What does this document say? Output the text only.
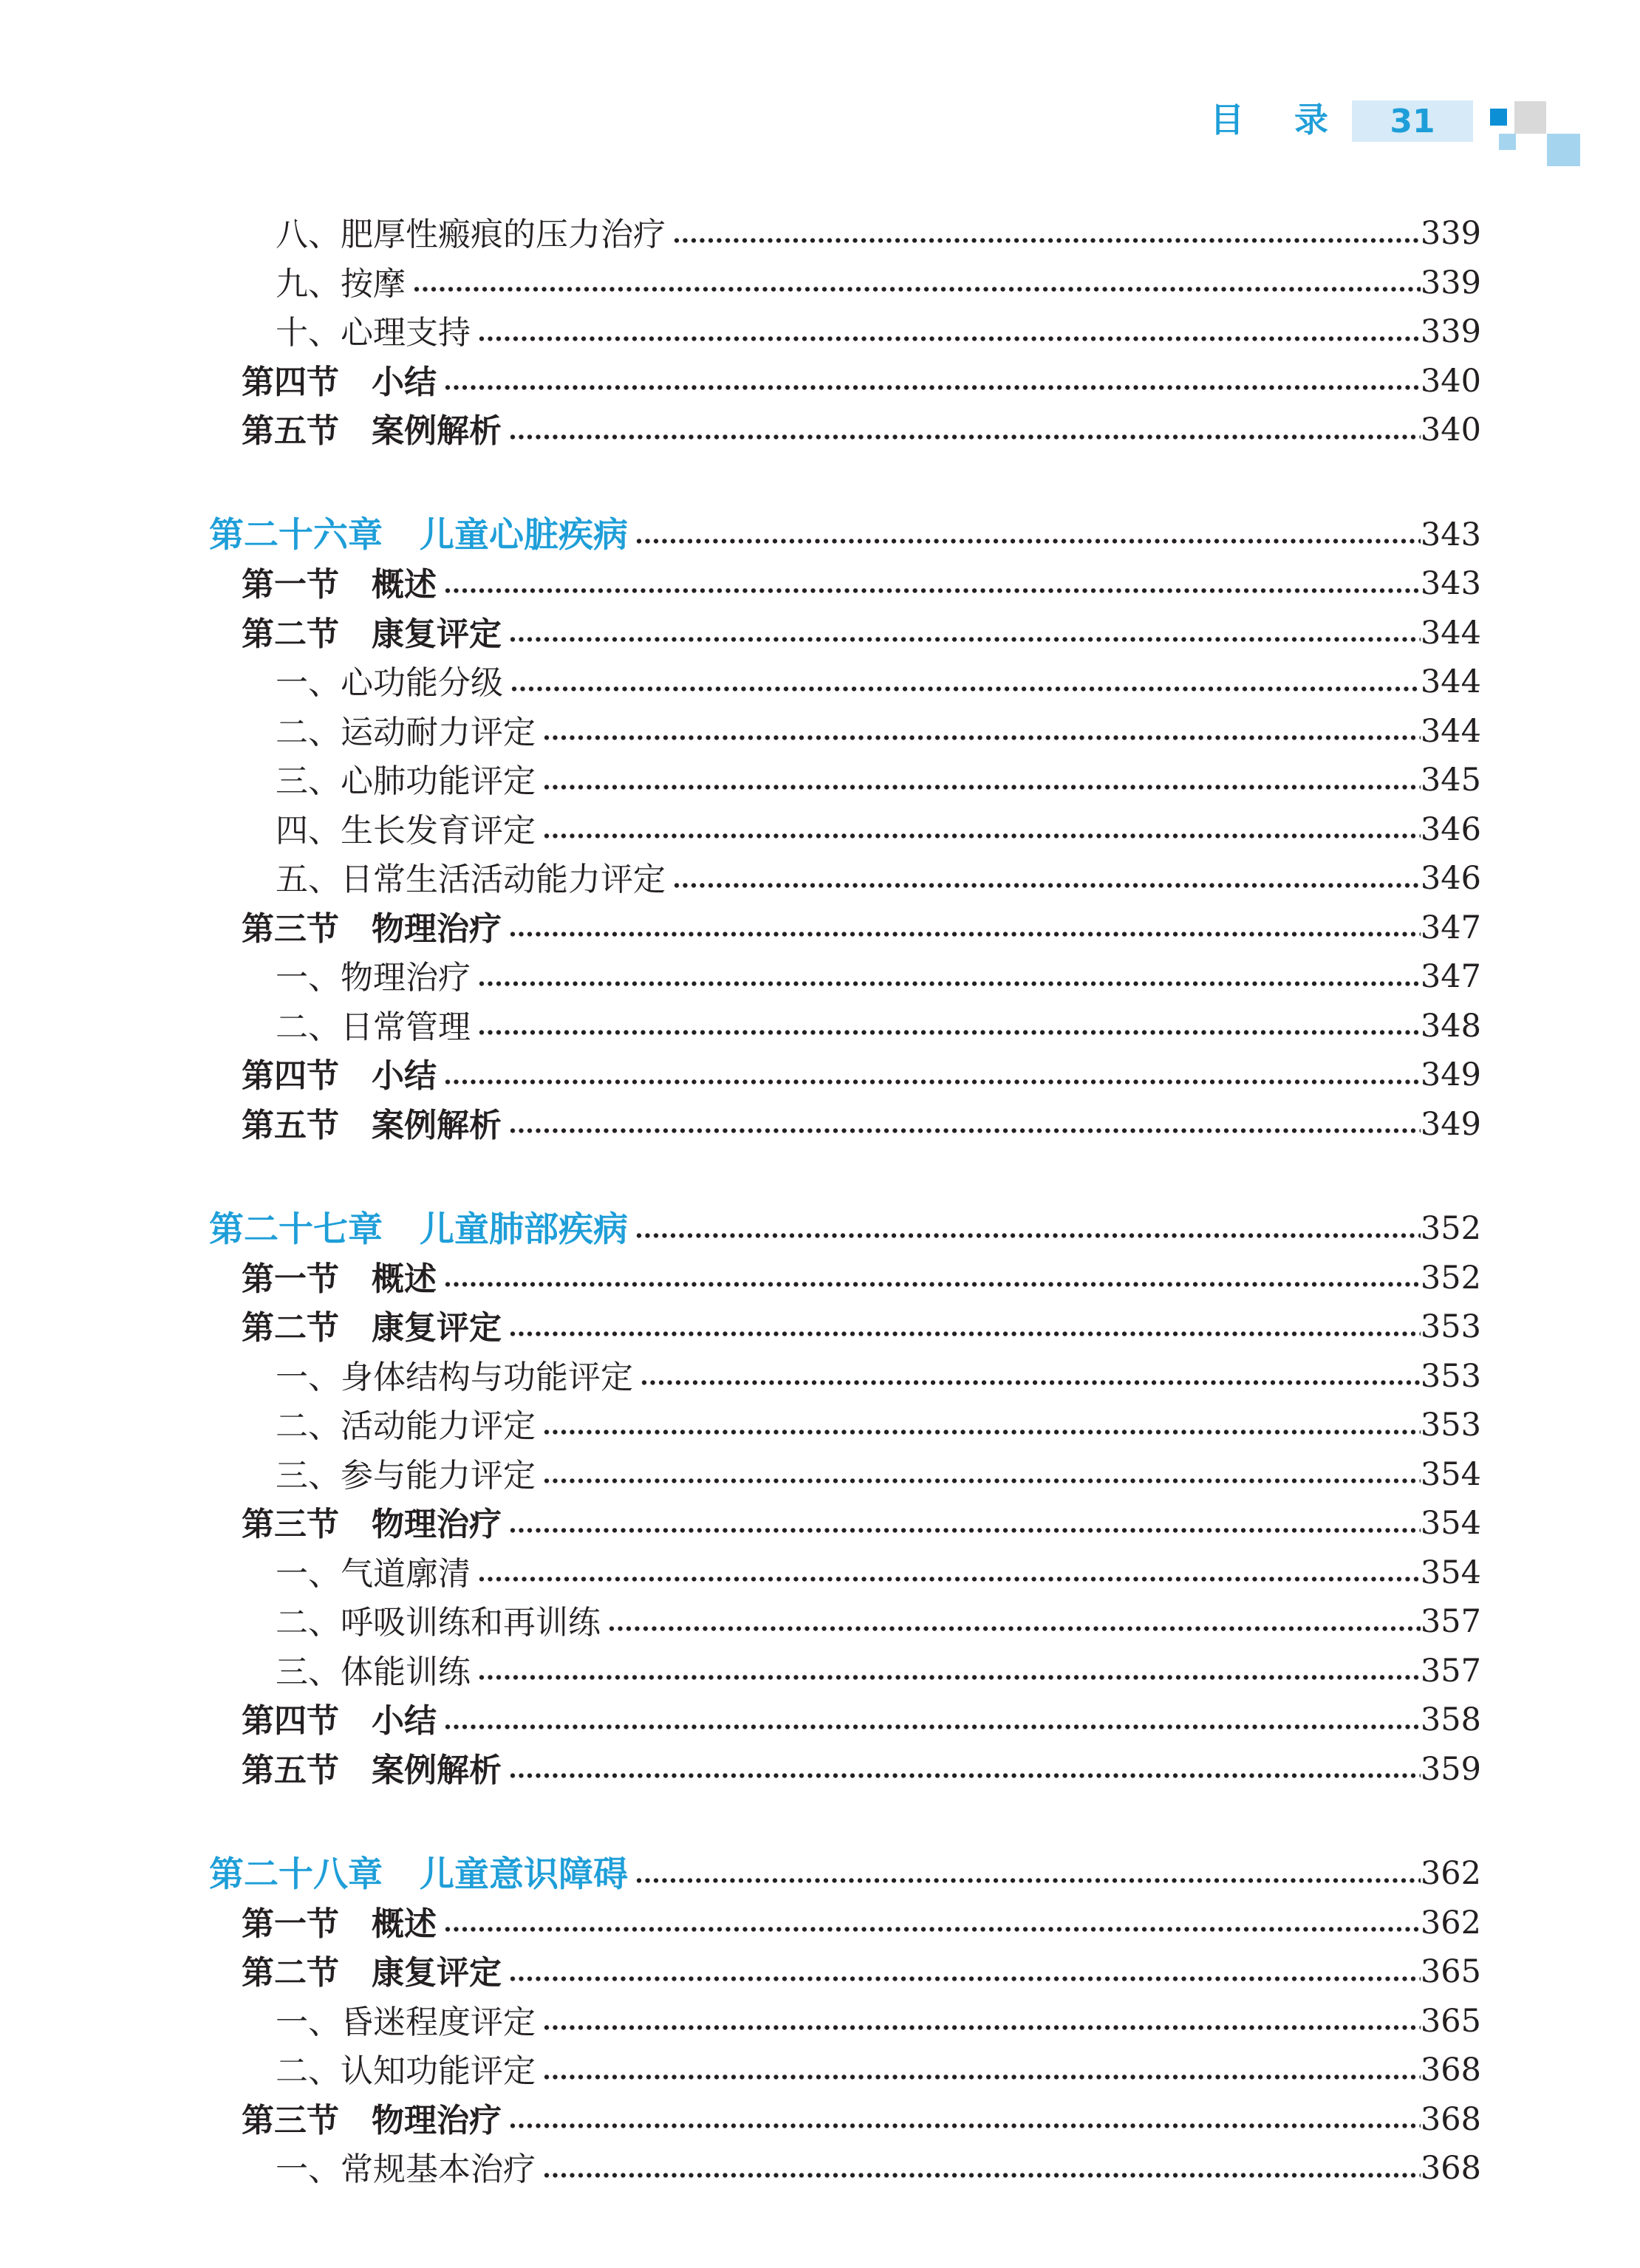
目 录 31
八、肥厚性瘢痕的压力治疗	339
九、按摩	339
十、心理支持	339
第四节 小结	340
第五节 案例解析	340
第二十六章 儿童心脏疾病	343
第一节 概述	343
第二节 康复评定	344
一、心功能分级	344
二、运动耐力评定	344
三、心肺功能评定	345
四、生长发育评定	346
五、日常生活活动能力评定	346
第三节 物理治疗	347
一、物理治疗	347
二、日常管理	348
第四节 小结	349
第五节 案例解析	349
第二十七章 儿童肺部疾病	352
第一节 概述	352
第二节 康复评定	353
一、身体结构与功能评定	353
二、活动能力评定	353
三、参与能力评定	354
第三节 物理治疗	354
一、气道廓清	354
二、呼吸训练和再训练	357
三、体能训练	357
第四节 小结	358
第五节 案例解析	359
第二十八章 儿童意识障碍	362
第一节 概述	362
第二节 康复评定	365
一、昏迷程度评定	365
二、认知功能评定	368
第三节 物理治疗	368
一、常规基本治疗	368
